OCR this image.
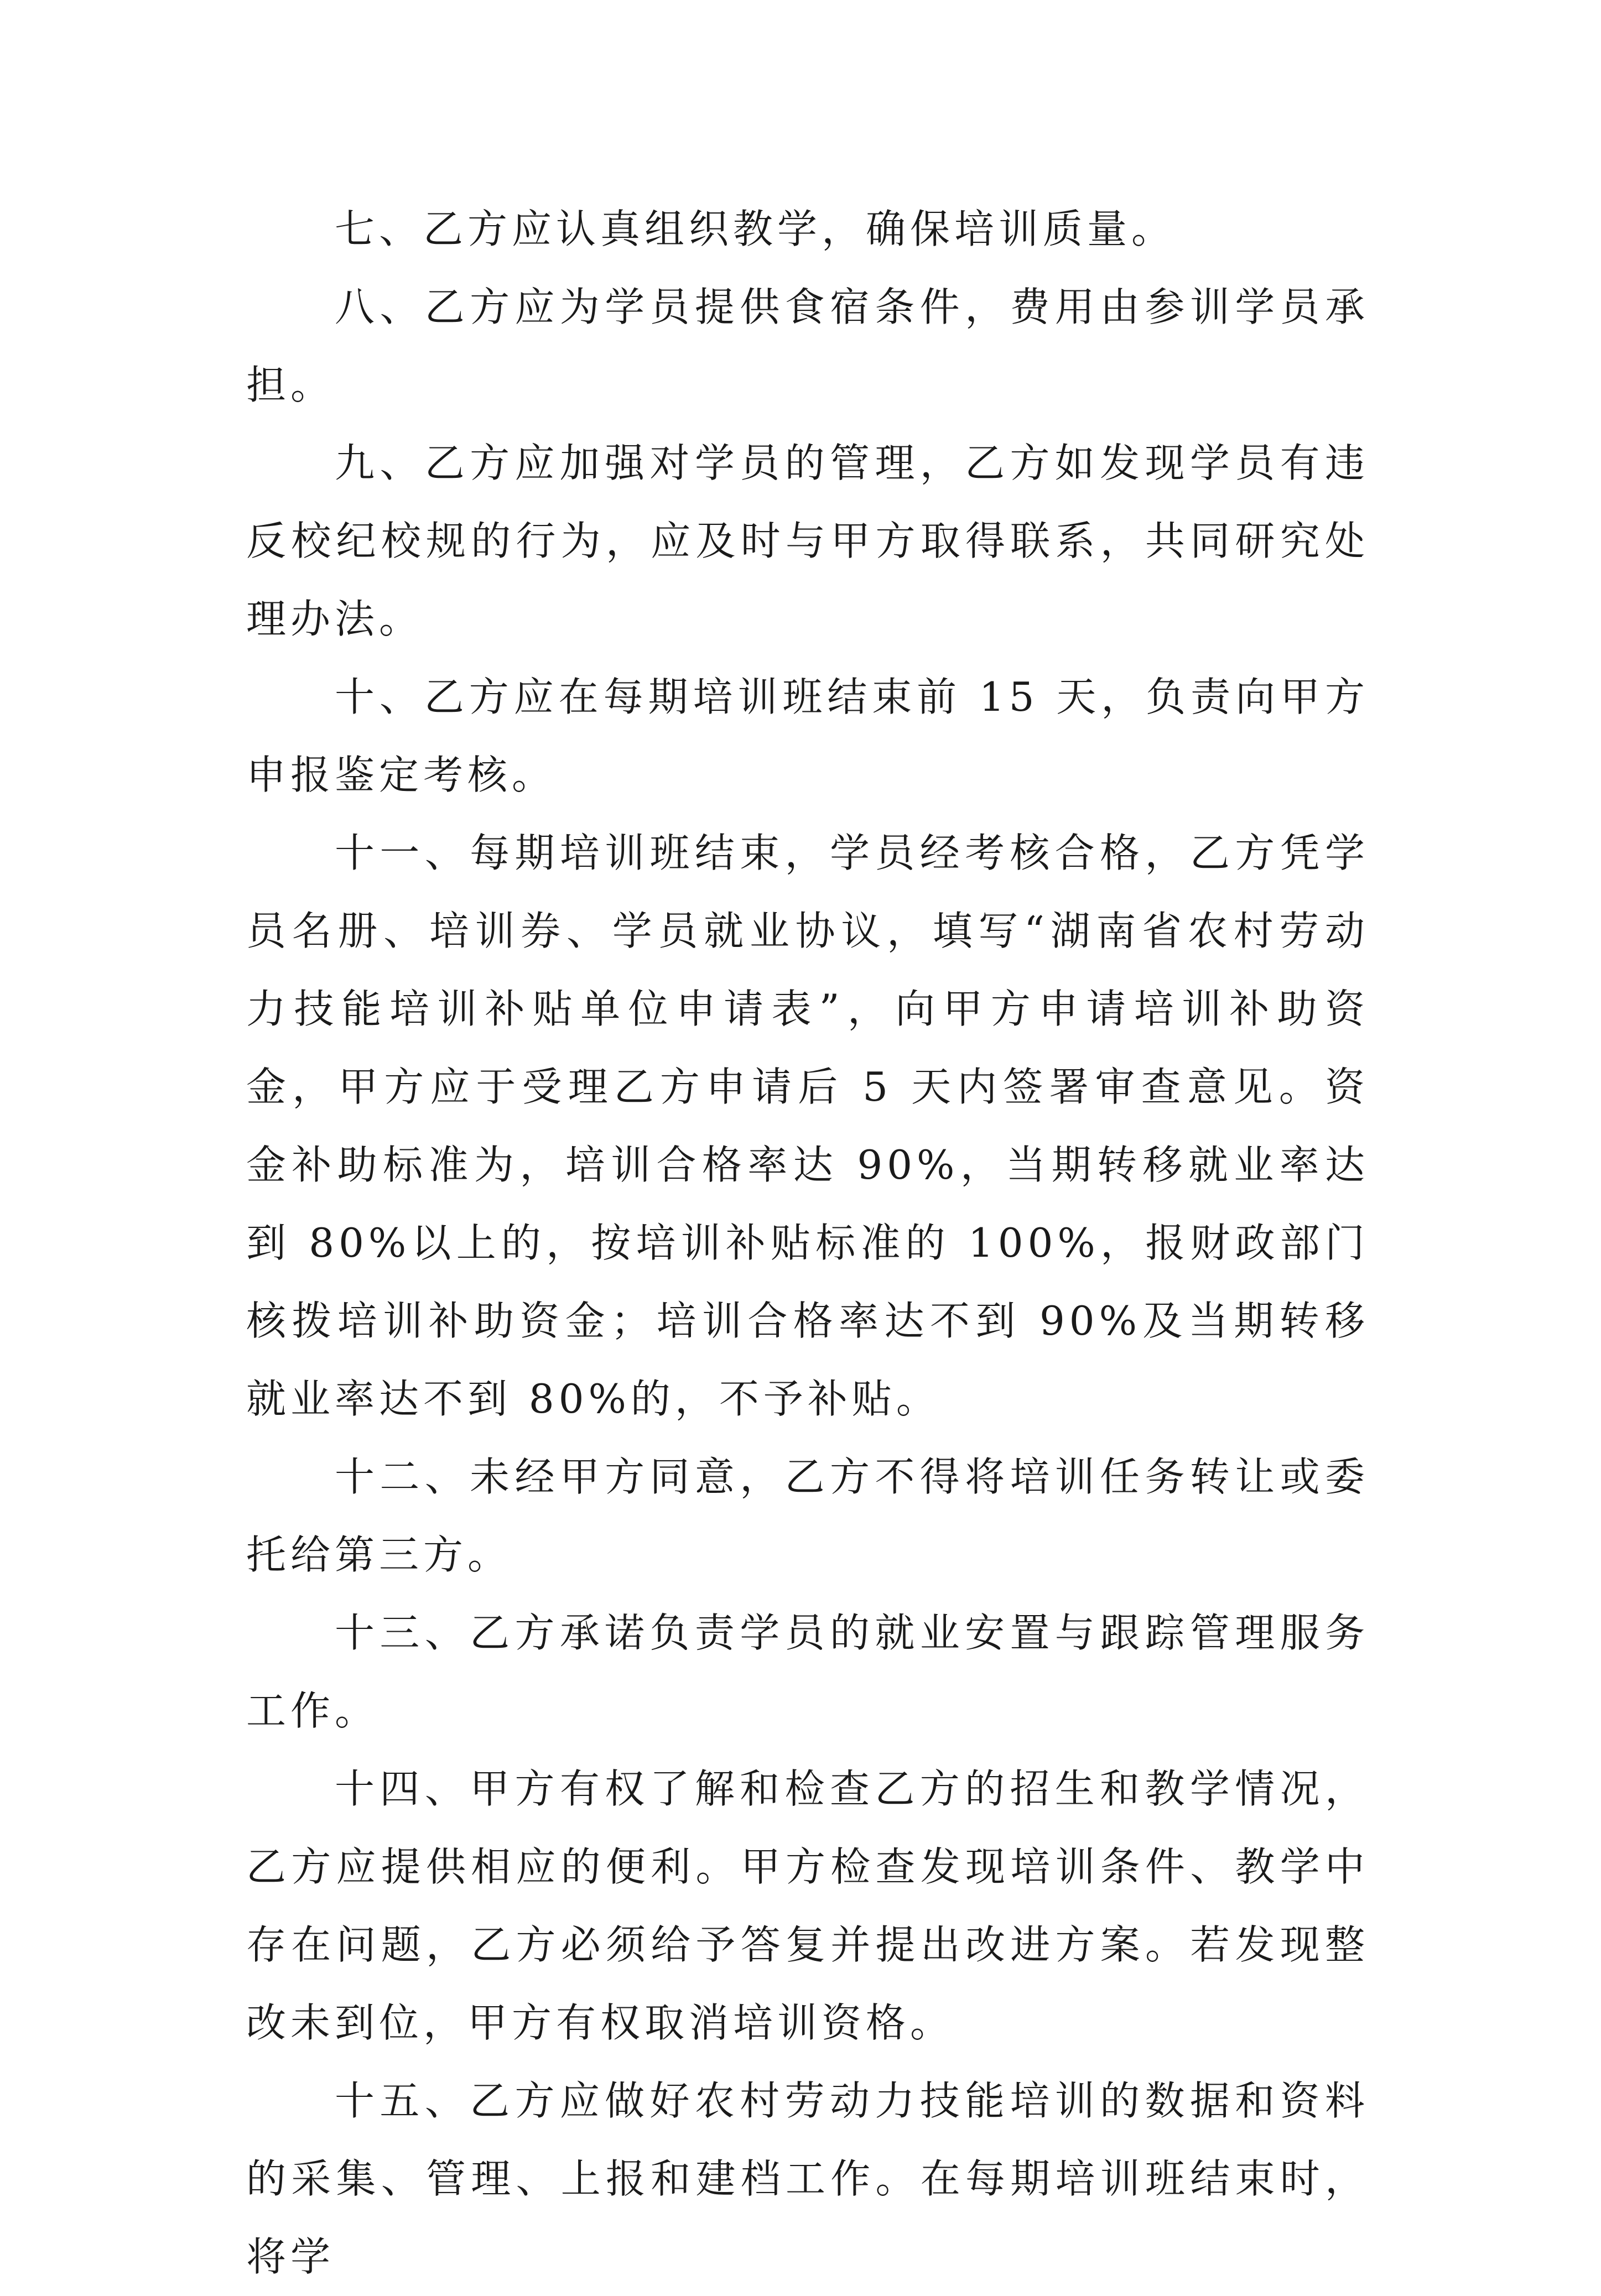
七、乙方应认真组织教学，确保培训质量。

八、乙方应为学员提供食宿条件，费用由参训学员承担。

九、乙方应加强对学员的管理，乙方如发现学员有违反校纪校规的行为，应及时与甲方取得联系，共同研究处理办法。

十、乙方应在每期培训班结束前 15 天，负责向甲方申报鉴定考核。

十一、每期培训班结束，学员经考核合格，乙方凭学员名册、培训券、学员就业协议，填写“湖南省农村劳动力技能培训补贴单位申请表”，向甲方申请培训补助资金，甲方应于受理乙方申请后 5 天内签署审查意见。资金补助标准为，培训合格率达 90%，当期转移就业率达到 80%以上的，按培训补贴标准的 100%，报财政部门核拨培训补助资金；培训合格率达不到 90%及当期转移就业率达不到 80%的，不予补贴。

十二、未经甲方同意，乙方不得将培训任务转让或委托给第三方。

十三、乙方承诺负责学员的就业安置与跟踪管理服务工作。

十四、甲方有权了解和检查乙方的招生和教学情况，乙方应提供相应的便利。甲方检查发现培训条件、教学中存在问题，乙方必须给予答复并提出改进方案。若发现整改未到位，甲方有权取消培训资格。

十五、乙方应做好农村劳动力技能培训的数据和资料的采集、管理、上报和建档工作。在每期培训班结束时，将学
